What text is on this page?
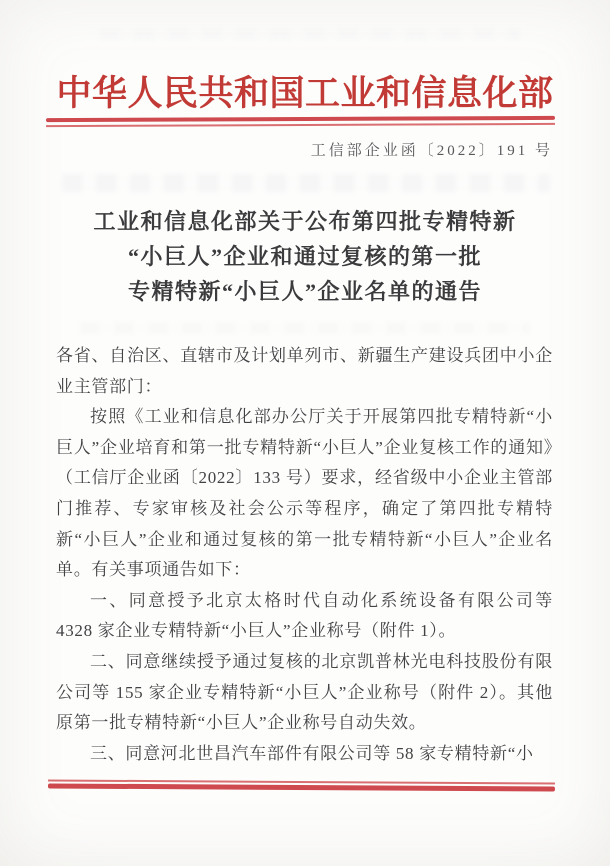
中华人民共和国工业和信息化部
工信部企业函〔2022〕191 号
工业和信息化部关于公布第四批专精特新
“小巨人”企业和通过复核的第一批
专精特新“小巨人”企业名单的通告

各省、自治区、直辖市及计划单列市、新疆生产建设兵团中小企业主管部门：

按照《工业和信息化部办公厅关于开展第四批专精特新“小巨人”企业培育和第一批专精特新“小巨人”企业复核工作的通知》（工信厅企业函〔2022〕133 号）要求，经省级中小企业主管部门推荐、专家审核及社会公示等程序，确定了第四批专精特新“小巨人”企业和通过复核的第一批专精特新“小巨人”企业名单。有关事项通告如下：

一、同意授予北京太格时代自动化系统设备有限公司等 4328 家企业专精特新“小巨人”企业称号（附件 1）。

二、同意继续授予通过复核的北京凯普林光电科技股份有限公司等 155 家企业专精特新“小巨人”企业称号（附件 2）。其他原第一批专精特新“小巨人”企业称号自动失效。

三、同意河北世昌汽车部件有限公司等 58 家专精特新“小
